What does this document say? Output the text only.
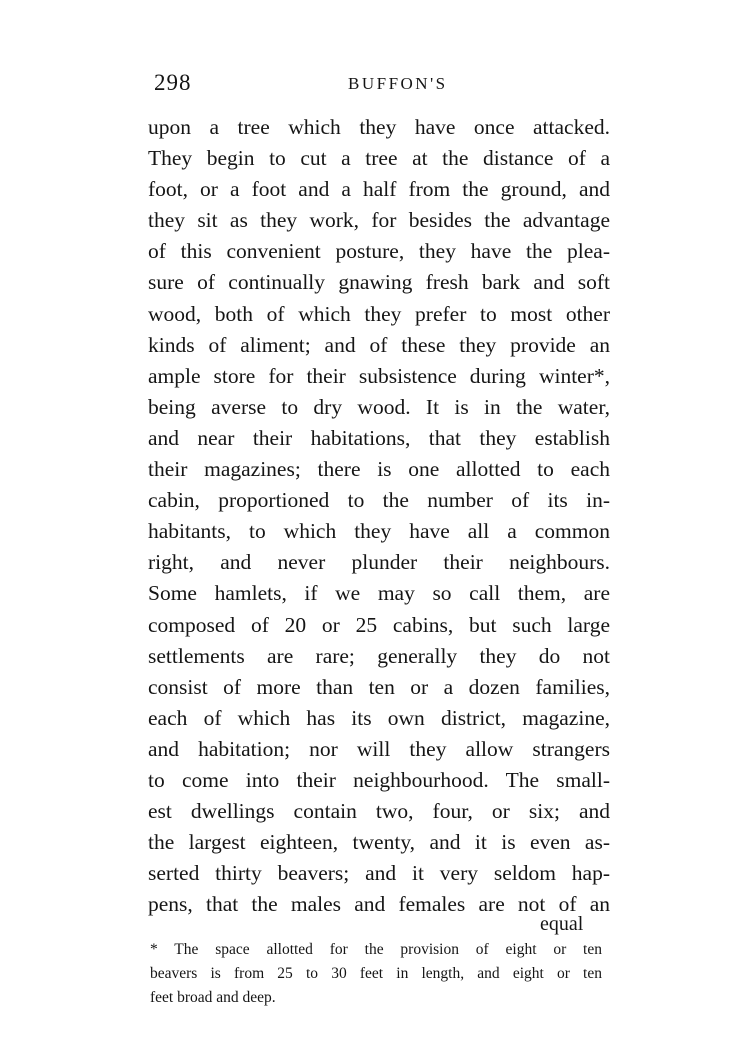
298	BUFFON'S
upon a tree which they have once attacked.
They begin to cut a tree at the distance of a
foot, or a foot and a half from the ground, and
they sit as they work, for besides the advantage
of this convenient posture, they have the plea-
sure of continually gnawing fresh bark and soft
wood, both of which they prefer to most other
kinds of aliment; and of these they provide an
ample store for their subsistence during winter*,
being averse to dry wood. It is in the water,
and near their habitations, that they establish
their magazines; there is one allotted to each
cabin, proportioned to the number of its in-
habitants, to which they have all a common
right, and never plunder their neighbours.
Some hamlets, if we may so call them, are
composed of 20 or 25 cabins, but such large
settlements are rare; generally they do not
consist of more than ten or a dozen families,
each of which has its own district, magazine,
and habitation; nor will they allow strangers
to come into their neighbourhood. The small-
est dwellings contain two, four, or six; and
the largest eighteen, twenty, and it is even as-
serted thirty beavers; and it very seldom hap-
pens, that the males and females are not of an
equal
* The space allotted for the provision of eight or ten
beavers is from 25 to 30 feet in length, and eight or ten
feet broad and deep.
